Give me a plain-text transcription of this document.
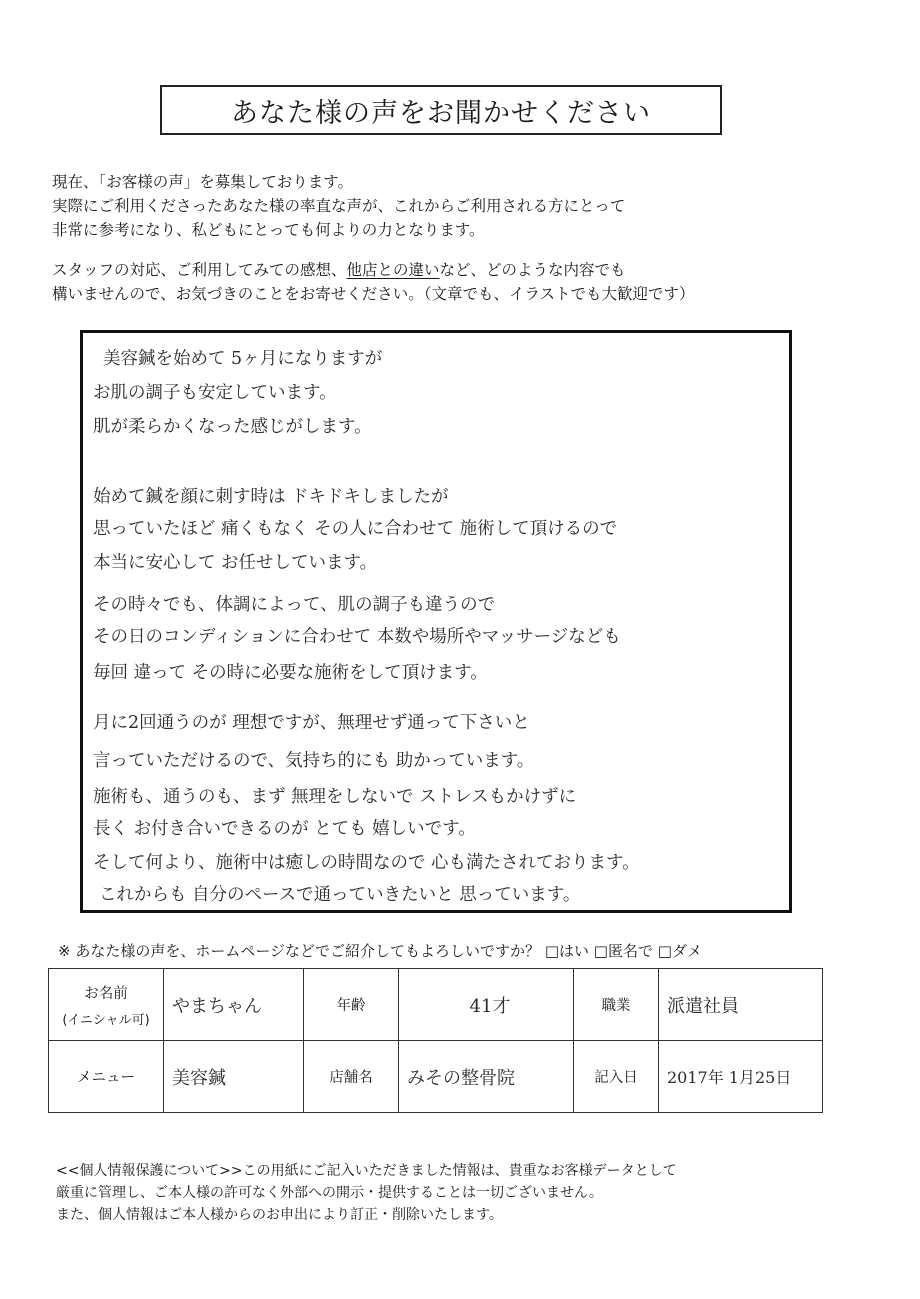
あなた様の声をお聞かせください

現在、「お客様の声」を募集しております。

実際にご利用くださったあなた様の率直な声が、これからご利用される方にとって

非常に参考になり、私どもにとっても何よりの力となります。

スタッフの対応、ご利用してみての感想、他店との違いなど、どのような内容でも

構いませんので、お気づきのことをお寄せください。（文章でも、イラストでも大歓迎です）

美容鍼を始めて 5ヶ月になりますが

お肌の調子も安定しています。

肌が柔らかくなった感じがします。

始めて鍼を顔に刺す時は ドキドキしましたが

思っていたほど 痛くもなく その人に合わせて 施術して頂けるので

本当に安心して お任せしています。

その時々でも、体調によって、肌の調子も違うので

その日のコンディションに合わせて 本数や場所やマッサージなども

毎回 違って その時に必要な施術をして頂けます。

月に2回通うのが 理想ですが、無理せず通って下さいと

言っていただけるので、気持ち的にも 助かっています。

施術も、通うのも、まず 無理をしないで ストレスもかけずに

長く お付き合いできるのが とても 嬉しいです。

そして何より、施術中は癒しの時間なので 心も満たされております。

これからも 自分のペースで通っていきたいと 思っています。

※ あなた様の声を、ホームページなどでご紹介してもよろしいですか？ □はい □匿名で □ダメ
お名前
(イニシャル可)	やまちゃん	年齢	41才	職業	派遣社員
メニュー	美容鍼	店舗名	みその整骨院	記入日	2017年 1月25日

<<個人情報保護について>>この用紙にご記入いただきました情報は、貴重なお客様データとして

厳重に管理し、ご本人様の許可なく外部への開示・提供することは一切ございません。

また、個人情報はご本人様からのお申出により訂正・削除いたします。
